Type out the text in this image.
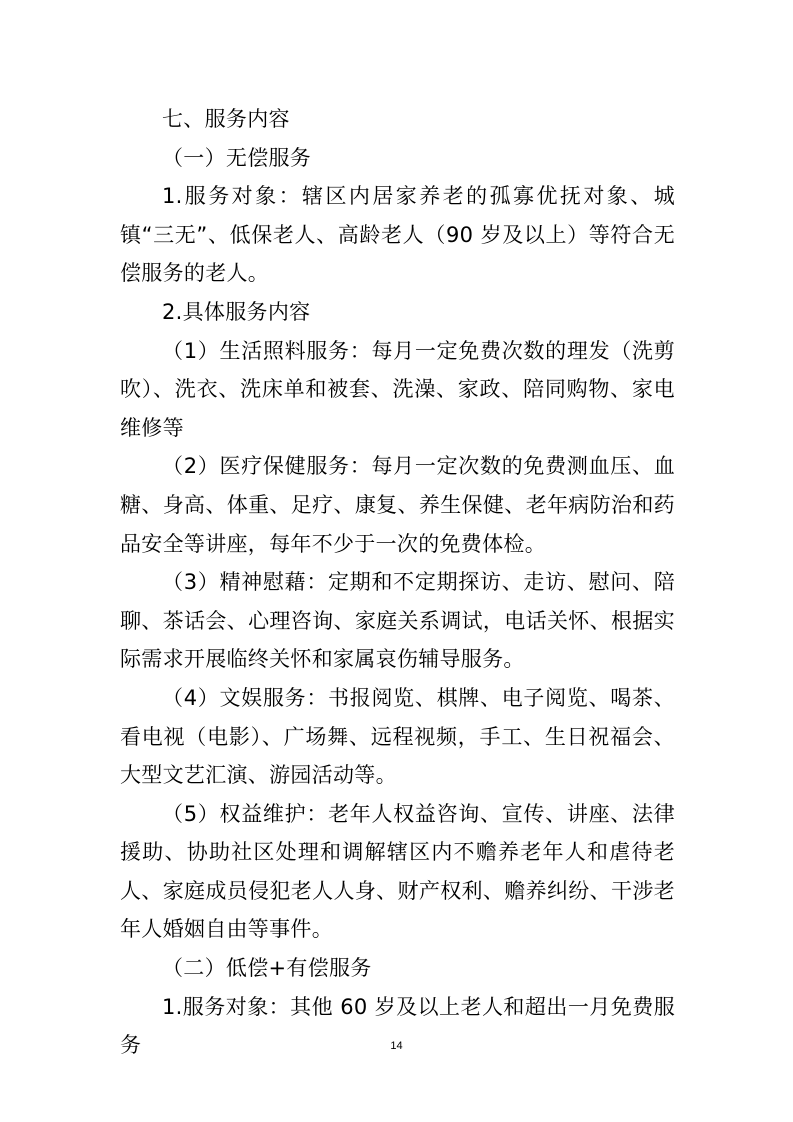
七、服务内容

（一）无偿服务

1.服务对象：辖区内居家养老的孤寡优抚对象、城镇“三无”、低保老人、高龄老人（90 岁及以上）等符合无偿服务的老人。

2.具体服务内容

（1）生活照料服务：每月一定免费次数的理发（洗剪吹）、洗衣、洗床单和被套、洗澡、家政、陪同购物、家电维修等

（2）医疗保健服务：每月一定次数的免费测血压、血糖、身高、体重、足疗、康复、养生保健、老年病防治和药品安全等讲座，每年不少于一次的免费体检。

（3）精神慰藉：定期和不定期探访、走访、慰问、陪聊、茶话会、心理咨询、家庭关系调试，电话关怀、根据实际需求开展临终关怀和家属哀伤辅导服务。

（4）文娱服务：书报阅览、棋牌、电子阅览、喝茶、看电视（电影）、广场舞、远程视频，手工、生日祝福会、大型文艺汇演、游园活动等。

（5）权益维护：老年人权益咨询、宣传、讲座、法律援助、协助社区处理和调解辖区内不赡养老年人和虐待老人、家庭成员侵犯老人人身、财产权利、赡养纠纷、干涉老年人婚姻自由等事件。

（二）低偿+有偿服务

1.服务对象：其他 60 岁及以上老人和超出一月免费服务	14
